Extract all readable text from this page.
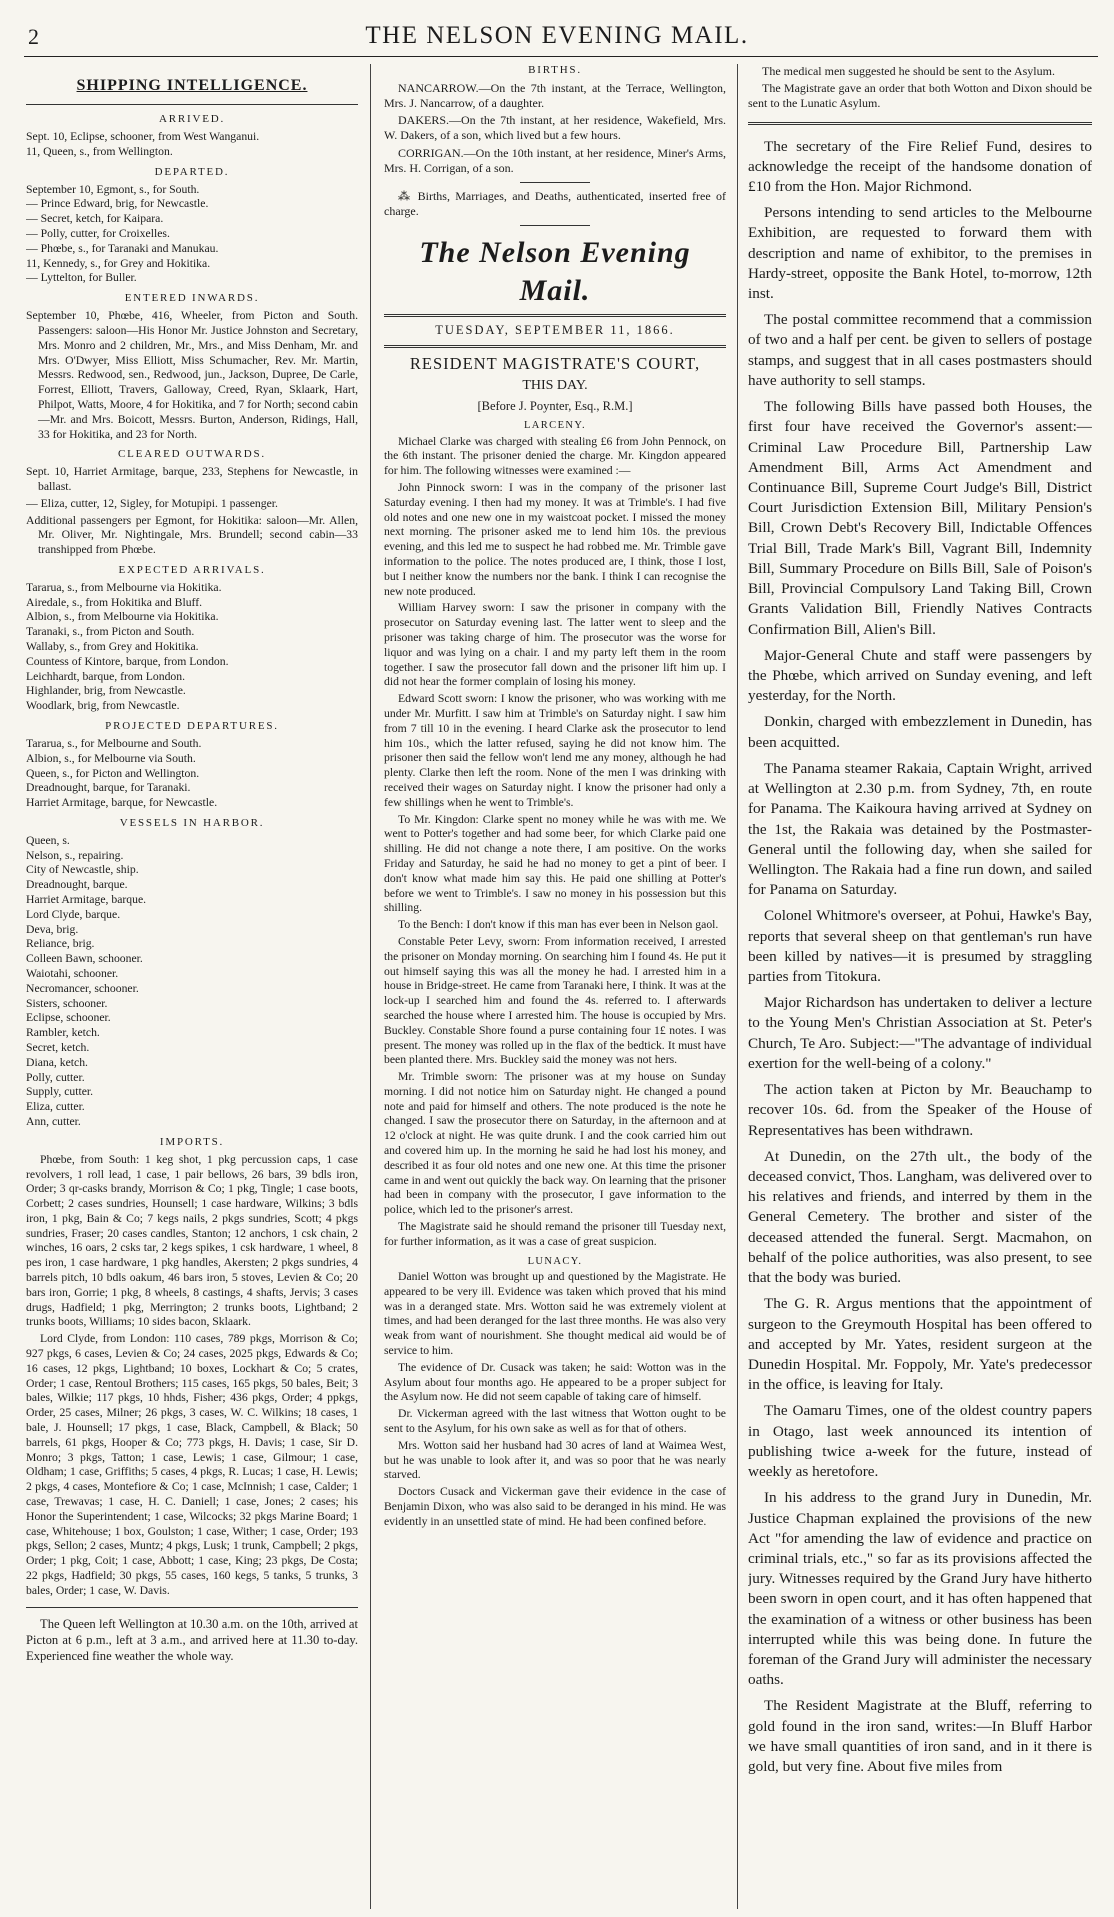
2	THE NELSON EVENING MAIL.
SHIPPING INTELLIGENCE.
ARRIVED.

Sept. 10, Eclipse, schooner, from West Wanganui.

11, Queen, s., from Wellington.

DEPARTED.

September 10, Egmont, s., for South.

— Prince Edward, brig, for Newcastle.

— Secret, ketch, for Kaipara.

— Polly, cutter, for Croixelles.

— Phœbe, s., for Taranaki and Manukau.

11, Kennedy, s., for Grey and Hokitika.

— Lyttelton, for Buller.

ENTERED INWARDS.

September 10, Phœbe, 416, Wheeler, from Picton and South. Passengers: saloon—His Honor Mr. Justice Johnston and Secretary, Mrs. Monro and 2 children, Mr., Mrs., and Miss Denham, Mr. and Mrs. O'Dwyer, Miss Elliott, Miss Schumacher, Rev. Mr. Martin, Messrs. Redwood, sen., Redwood, jun., Jackson, Dupree, De Carle, Forrest, Elliott, Travers, Galloway, Creed, Ryan, Sklaark, Hart, Philpot, Watts, Moore, 4 for Hokitika, and 7 for North; second cabin—Mr. and Mrs. Boicott, Messrs. Burton, Anderson, Ridings, Hall, 33 for Hokitika, and 23 for North.

CLEARED OUTWARDS.

Sept. 10, Harriet Armitage, barque, 233, Stephens for Newcastle, in ballast.

— Eliza, cutter, 12, Sigley, for Motupipi. 1 passenger.

Additional passengers per Egmont, for Hokitika: saloon—Mr. Allen, Mr. Oliver, Mr. Nightingale, Mrs. Brundell; second cabin—33 transhipped from Phœbe.

EXPECTED ARRIVALS.

Tararua, s., from Melbourne via Hokitika.

Airedale, s., from Hokitika and Bluff.

Albion, s., from Melbourne via Hokitika.

Taranaki, s., from Picton and South.

Wallaby, s., from Grey and Hokitika.

Countess of Kintore, barque, from London.

Leichhardt, barque, from London.

Highlander, brig, from Newcastle.

Woodlark, brig, from Newcastle.

PROJECTED DEPARTURES.

Tararua, s., for Melbourne and South.

Albion, s., for Melbourne via South.

Queen, s., for Picton and Wellington.

Dreadnought, barque, for Taranaki.

Harriet Armitage, barque, for Newcastle.

VESSELS IN HARBOR.

Queen, s.

Nelson, s., repairing.

City of Newcastle, ship.

Dreadnought, barque.

Harriet Armitage, barque.

Lord Clyde, barque.

Deva, brig.

Reliance, brig.

Colleen Bawn, schooner.

Waiotahi, schooner.

Necromancer, schooner.

Sisters, schooner.

Eclipse, schooner.

Rambler, ketch.

Secret, ketch.

Diana, ketch.

Polly, cutter.

Supply, cutter.

Eliza, cutter.

Ann, cutter.

IMPORTS.

Phœbe, from South: 1 keg shot, 1 pkg percussion caps, 1 case revolvers, 1 roll lead, 1 case, 1 pair bellows, 26 bars, 39 bdls iron, Order; 3 qr-casks brandy, Morrison & Co; 1 pkg, Tingle; 1 case boots, Corbett; 2 cases sundries, Hounsell; 1 case hardware, Wilkins; 3 bdls iron, 1 pkg, Bain & Co; 7 kegs nails, 2 pkgs sundries, Scott; 4 pkgs sundries, Fraser; 20 cases candles, Stanton; 12 anchors, 1 csk chain, 2 winches, 16 oars, 2 csks tar, 2 kegs spikes, 1 csk hardware, 1 wheel, 8 pes iron, 1 case hardware, 1 pkg handles, Akersten; 2 pkgs sundries, 4 barrels pitch, 10 bdls oakum, 46 bars iron, 5 stoves, Levien & Co; 20 bars iron, Gorrie; 1 pkg, 8 wheels, 8 castings, 4 shafts, Jervis; 3 cases drugs, Hadfield; 1 pkg, Merrington; 2 trunks boots, Lightband; 2 trunks boots, Williams; 10 sides bacon, Sklaark.

Lord Clyde, from London: 110 cases, 789 pkgs, Morrison & Co; 927 pkgs, 6 cases, Levien & Co; 24 cases, 2025 pkgs, Edwards & Co; 16 cases, 12 pkgs, Lightband; 10 boxes, Lockhart & Co; 5 crates, Order; 1 case, Rentoul Brothers; 115 cases, 165 pkgs, 50 bales, Beit; 3 bales, Wilkie; 117 pkgs, 10 hhds, Fisher; 436 pkgs, Order; 4 ppkgs, Order, 25 cases, Milner; 26 pkgs, 3 cases, W. C. Wilkins; 18 cases, 1 bale, J. Hounsell; 17 pkgs, 1 case, Black, Campbell, & Black; 50 barrels, 61 pkgs, Hooper & Co; 773 pkgs, H. Davis; 1 case, Sir D. Monro; 3 pkgs, Tatton; 1 case, Lewis; 1 case, Gilmour; 1 case, Oldham; 1 case, Griffiths; 5 cases, 4 pkgs, R. Lucas; 1 case, H. Lewis; 2 pkgs, 4 cases, Montefiore & Co; 1 case, McInnish; 1 case, Calder; 1 case, Trewavas; 1 case, H. C. Daniell; 1 case, Jones; 2 cases; his Honor the Superintendent; 1 case, Wilcocks; 32 pkgs Marine Board; 1 case, Whitehouse; 1 box, Goulston; 1 case, Wither; 1 case, Order; 193 pkgs, Sellon; 2 cases, Muntz; 4 pkgs, Lusk; 1 trunk, Campbell; 2 pkgs, Order; 1 pkg, Coit; 1 case, Abbott; 1 case, King; 23 pkgs, De Costa; 22 pkgs, Hadfield; 30 pkgs, 55 cases, 160 kegs, 5 tanks, 5 trunks, 3 bales, Order; 1 case, W. Davis.

The Queen left Wellington at 10.30 a.m. on the 10th, arrived at Picton at 6 p.m., left at 3 a.m., and arrived here at 11.30 to-day. Experienced fine weather the whole way.

BIRTHS.

NANCARROW.—On the 7th instant, at the Terrace, Wellington, Mrs. J. Nancarrow, of a daughter.

DAKERS.—On the 7th instant, at her residence, Wakefield, Mrs. W. Dakers, of a son, which lived but a few hours.

CORRIGAN.—On the 10th instant, at her residence, Miner's Arms, Mrs. H. Corrigan, of a son.

⁂ Births, Marriages, and Deaths, authenticated, inserted free of charge.

The Nelson Evening Mail.
TUESDAY, SEPTEMBER 11, 1866.
RESIDENT MAGISTRATE'S COURT,
THIS DAY.
[Before J. Poynter, Esq., R.M.]
LARCENY.

Michael Clarke was charged with stealing £6 from John Pennock, on the 6th instant. The prisoner denied the charge. Mr. Kingdon appeared for him. The following witnesses were examined :—

John Pinnock sworn: I was in the company of the prisoner last Saturday evening. I then had my money. It was at Trimble's. I had five old notes and one new one in my waistcoat pocket. I missed the money next morning. The prisoner asked me to lend him 10s. the previous evening, and this led me to suspect he had robbed me. Mr. Trimble gave information to the police. The notes produced are, I think, those I lost, but I neither know the numbers nor the bank. I think I can recognise the new note produced.

William Harvey sworn: I saw the prisoner in company with the prosecutor on Saturday evening last. The latter went to sleep and the prisoner was taking charge of him. The prosecutor was the worse for liquor and was lying on a chair. I and my party left them in the room together. I saw the prosecutor fall down and the prisoner lift him up. I did not hear the former complain of losing his money.

Edward Scott sworn: I know the prisoner, who was working with me under Mr. Murfitt. I saw him at Trimble's on Saturday night. I saw him from 7 till 10 in the evening. I heard Clarke ask the prosecutor to lend him 10s., which the latter refused, saying he did not know him. The prisoner then said the fellow won't lend me any money, although he had plenty. Clarke then left the room. None of the men I was drinking with received their wages on Saturday night. I know the prisoner had only a few shillings when he went to Trimble's.

To Mr. Kingdon: Clarke spent no money while he was with me. We went to Potter's together and had some beer, for which Clarke paid one shilling. He did not change a note there, I am positive. On the works Friday and Saturday, he said he had no money to get a pint of beer. I don't know what made him say this. He paid one shilling at Potter's before we went to Trimble's. I saw no money in his possession but this shilling.

To the Bench: I don't know if this man has ever been in Nelson gaol.

Constable Peter Levy, sworn: From information received, I arrested the prisoner on Monday morning. On searching him I found 4s. He put it out himself saying this was all the money he had. I arrested him in a house in Bridge-street. He came from Taranaki here, I think. It was at the lock-up I searched him and found the 4s. referred to. I afterwards searched the house where I arrested him. The house is occupied by Mrs. Buckley. Constable Shore found a purse containing four 1£ notes. I was present. The money was rolled up in the flax of the bedtick. It must have been planted there. Mrs. Buckley said the money was not hers.

Mr. Trimble sworn: The prisoner was at my house on Sunday morning. I did not notice him on Saturday night. He changed a pound note and paid for himself and others. The note produced is the note he changed. I saw the prosecutor there on Saturday, in the afternoon and at 12 o'clock at night. He was quite drunk. I and the cook carried him out and covered him up. In the morning he said he had lost his money, and described it as four old notes and one new one. At this time the prisoner came in and went out quickly the back way. On learning that the prisoner had been in company with the prosecutor, I gave information to the police, which led to the prisoner's arrest.

The Magistrate said he should remand the prisoner till Tuesday next, for further information, as it was a case of great suspicion.

LUNACY.

Daniel Wotton was brought up and questioned by the Magistrate. He appeared to be very ill. Evidence was taken which proved that his mind was in a deranged state. Mrs. Wotton said he was extremely violent at times, and had been deranged for the last three months. He was also very weak from want of nourishment. She thought medical aid would be of service to him.

The evidence of Dr. Cusack was taken; he said: Wotton was in the Asylum about four months ago. He appeared to be a proper subject for the Asylum now. He did not seem capable of taking care of himself.

Dr. Vickerman agreed with the last witness that Wotton ought to be sent to the Asylum, for his own sake as well as for that of others.

Mrs. Wotton said her husband had 30 acres of land at Waimea West, but he was unable to look after it, and was so poor that he was nearly starved.

Doctors Cusack and Vickerman gave their evidence in the case of Benjamin Dixon, who was also said to be deranged in his mind. He was evidently in an unsettled state of mind. He had been confined before.

The medical men suggested he should be sent to the Asylum.

The Magistrate gave an order that both Wotton and Dixon should be sent to the Lunatic Asylum.

The secretary of the Fire Relief Fund, desires to acknowledge the receipt of the handsome donation of £10 from the Hon. Major Richmond.

Persons intending to send articles to the Melbourne Exhibition, are requested to forward them with description and name of exhibitor, to the premises in Hardy-street, opposite the Bank Hotel, to-morrow, 12th inst.

The postal committee recommend that a commission of two and a half per cent. be given to sellers of postage stamps, and suggest that in all cases postmasters should have authority to sell stamps.

The following Bills have passed both Houses, the first four have received the Governor's assent:—Criminal Law Procedure Bill, Partnership Law Amendment Bill, Arms Act Amendment and Continuance Bill, Supreme Court Judge's Bill, District Court Jurisdiction Extension Bill, Military Pension's Bill, Crown Debt's Recovery Bill, Indictable Offences Trial Bill, Trade Mark's Bill, Vagrant Bill, Indemnity Bill, Summary Procedure on Bills Bill, Sale of Poison's Bill, Provincial Compulsory Land Taking Bill, Crown Grants Validation Bill, Friendly Natives Contracts Confirmation Bill, Alien's Bill.

Major-General Chute and staff were passengers by the Phœbe, which arrived on Sunday evening, and left yesterday, for the North.

Donkin, charged with embezzlement in Dunedin, has been acquitted.

The Panama steamer Rakaia, Captain Wright, arrived at Wellington at 2.30 p.m. from Sydney, 7th, en route for Panama. The Kaikoura having arrived at Sydney on the 1st, the Rakaia was detained by the Postmaster-General until the following day, when she sailed for Wellington. The Rakaia had a fine run down, and sailed for Panama on Saturday.

Colonel Whitmore's overseer, at Pohui, Hawke's Bay, reports that several sheep on that gentleman's run have been killed by natives—it is presumed by straggling parties from Titokura.

Major Richardson has undertaken to deliver a lecture to the Young Men's Christian Association at St. Peter's Church, Te Aro. Subject:—"The advantage of individual exertion for the well-being of a colony."

The action taken at Picton by Mr. Beauchamp to recover 10s. 6d. from the Speaker of the House of Representatives has been withdrawn.

At Dunedin, on the 27th ult., the body of the deceased convict, Thos. Langham, was delivered over to his relatives and friends, and interred by them in the General Cemetery. The brother and sister of the deceased attended the funeral. Sergt. Macmahon, on behalf of the police authorities, was also present, to see that the body was buried.

The G. R. Argus mentions that the appointment of surgeon to the Greymouth Hospital has been offered to and accepted by Mr. Yates, resident surgeon at the Dunedin Hospital. Mr. Foppoly, Mr. Yate's predecessor in the office, is leaving for Italy.

The Oamaru Times, one of the oldest country papers in Otago, last week announced its intention of publishing twice a-week for the future, instead of weekly as heretofore.

In his address to the grand Jury in Dunedin, Mr. Justice Chapman explained the provisions of the new Act "for amending the law of evidence and practice on criminal trials, etc.," so far as its provisions affected the jury. Witnesses required by the Grand Jury have hitherto been sworn in open court, and it has often happened that the examination of a witness or other business has been interrupted while this was being done. In future the foreman of the Grand Jury will administer the necessary oaths.

The Resident Magistrate at the Bluff, referring to gold found in the iron sand, writes:—In Bluff Harbor we have small quantities of iron sand, and in it there is gold, but very fine. About five miles from
